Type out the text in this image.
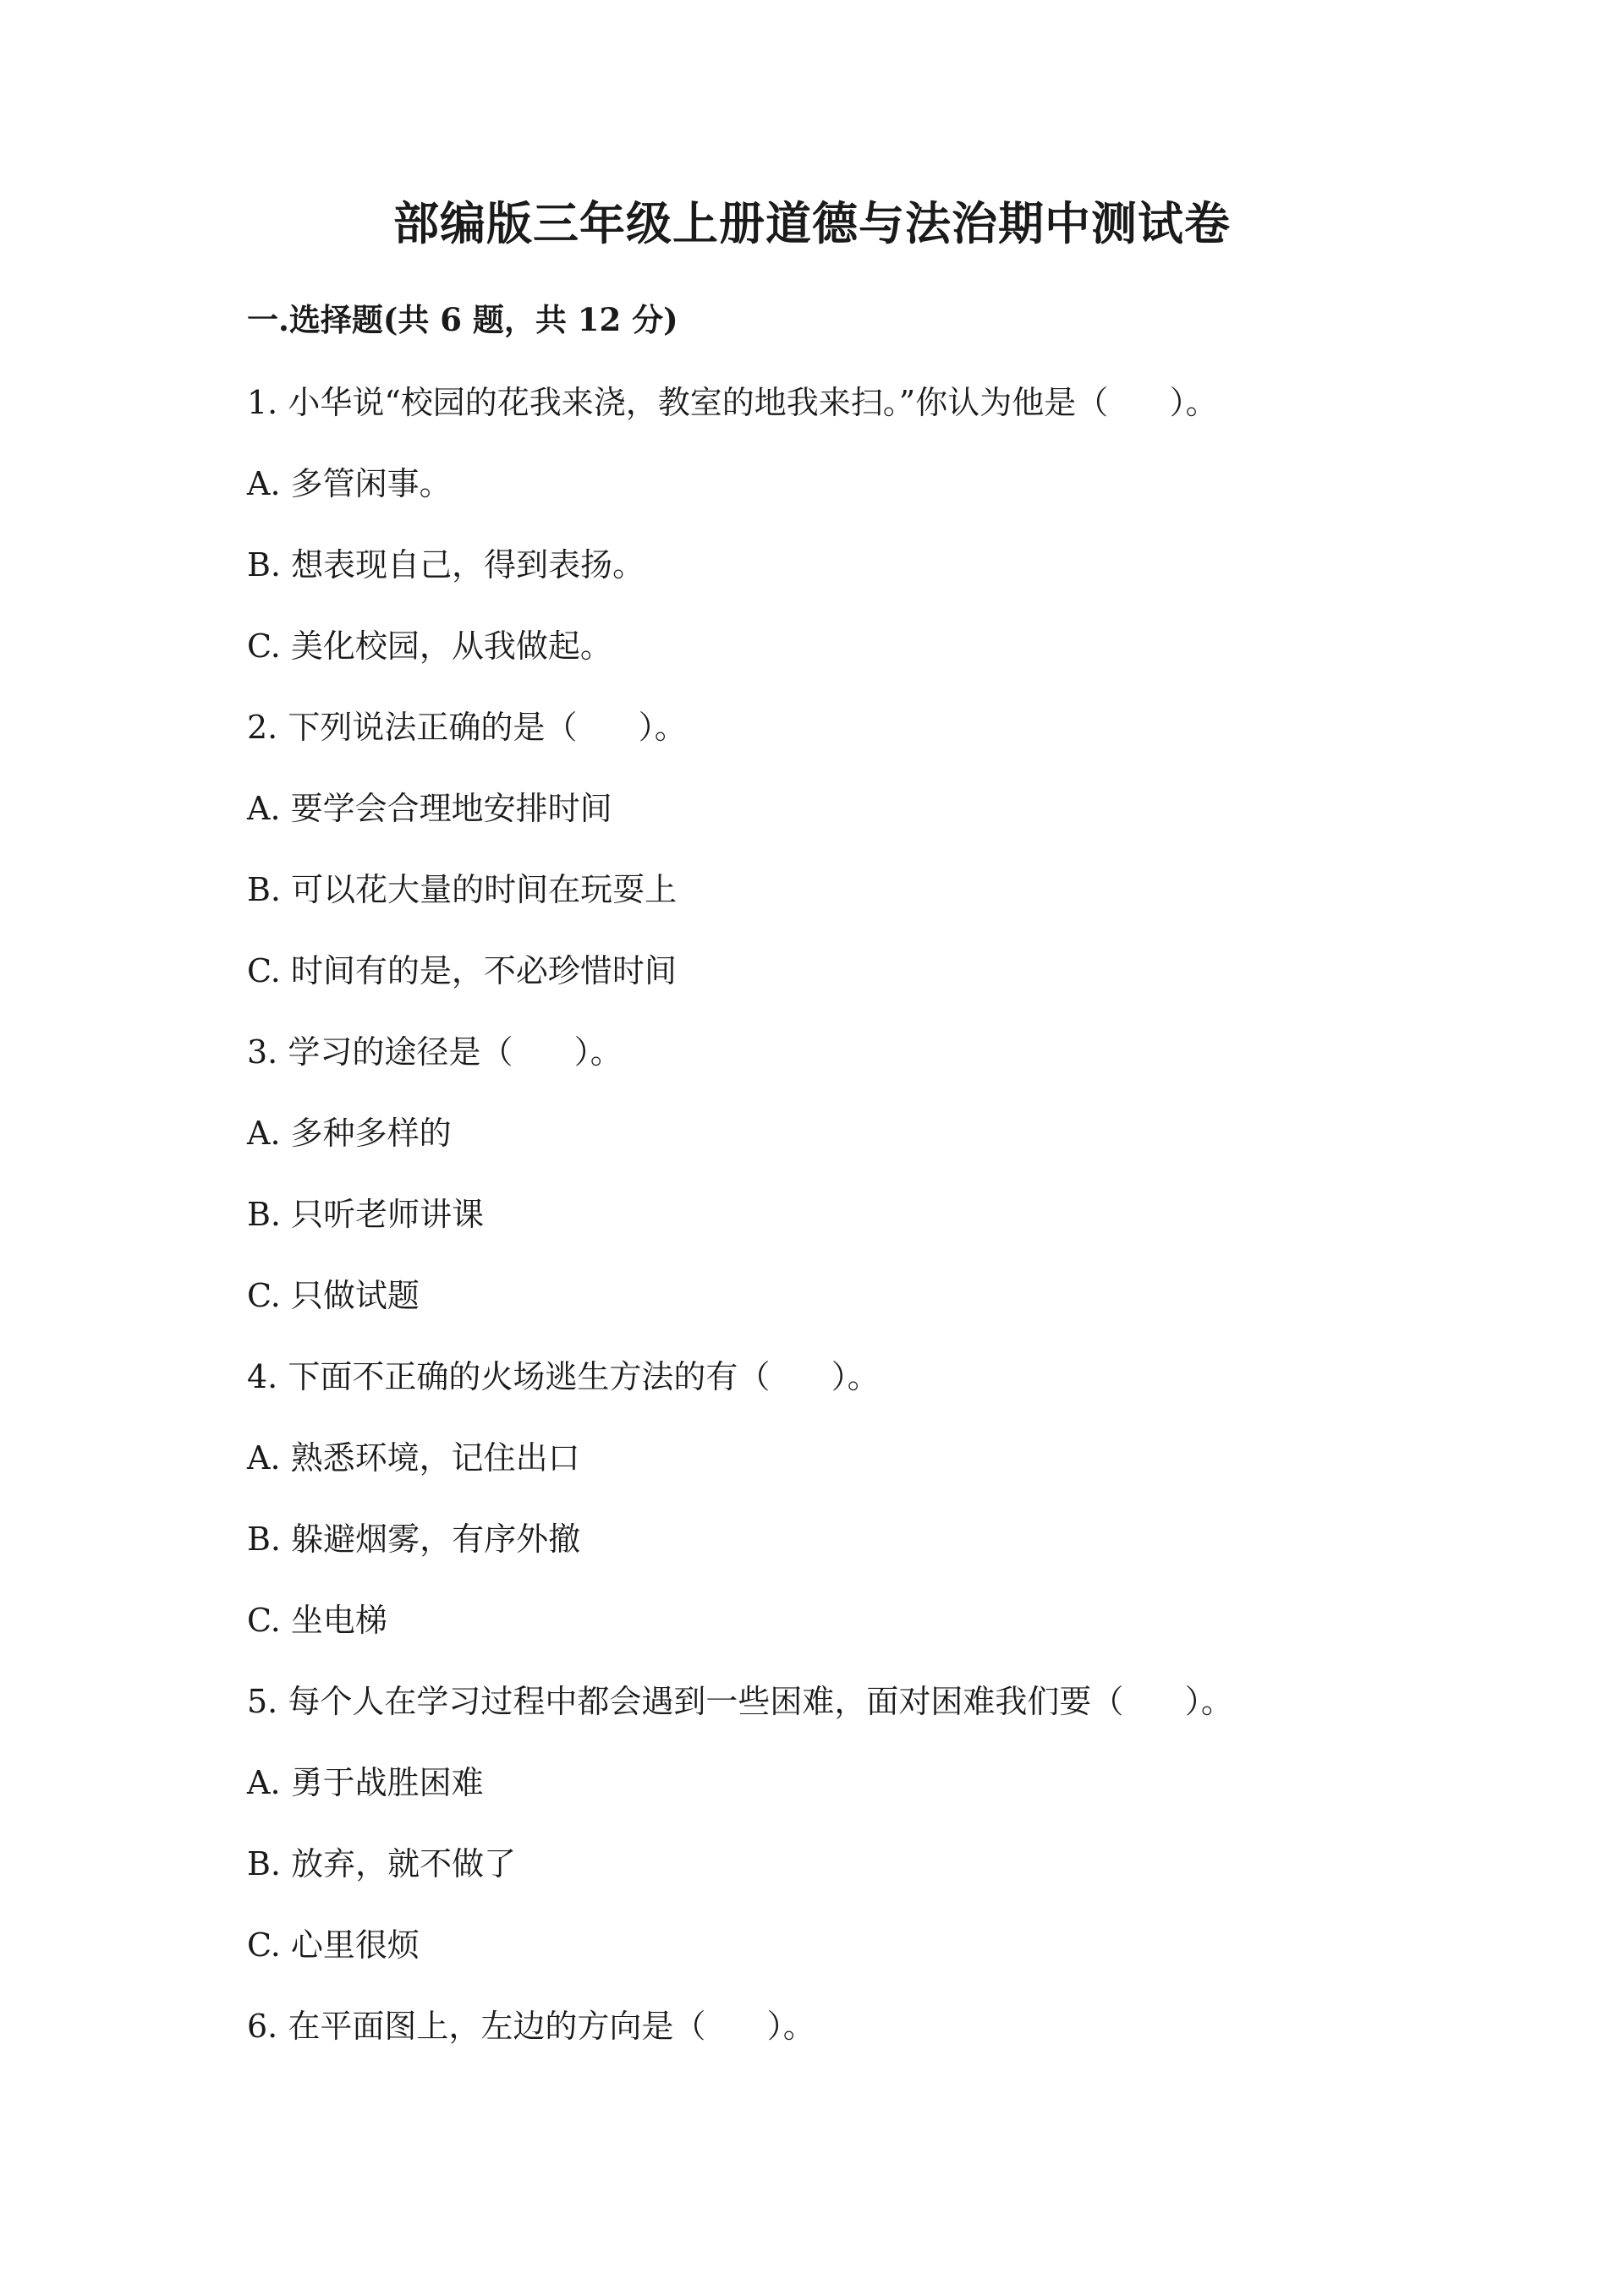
部编版三年级上册道德与法治期中测试卷
一.选择题(共 6 题，共 12 分)
1. 小华说“校园的花我来浇，教室的地我来扫。”你认为他是（      ）。
A. 多管闲事。
B. 想表现自己，得到表扬。
C. 美化校园，从我做起。
2. 下列说法正确的是（      ）。
A. 要学会合理地安排时间
B. 可以花大量的时间在玩耍上
C. 时间有的是，不必珍惜时间
3. 学习的途径是（      ）。
A. 多种多样的
B. 只听老师讲课
C. 只做试题
4. 下面不正确的火场逃生方法的有（      ）。
A. 熟悉环境，记住出口
B. 躲避烟雾，有序外撤
C. 坐电梯
5. 每个人在学习过程中都会遇到一些困难，面对困难我们要（      ）。
A. 勇于战胜困难
B. 放弃，就不做了
C. 心里很烦
6. 在平面图上，左边的方向是（      ）。
